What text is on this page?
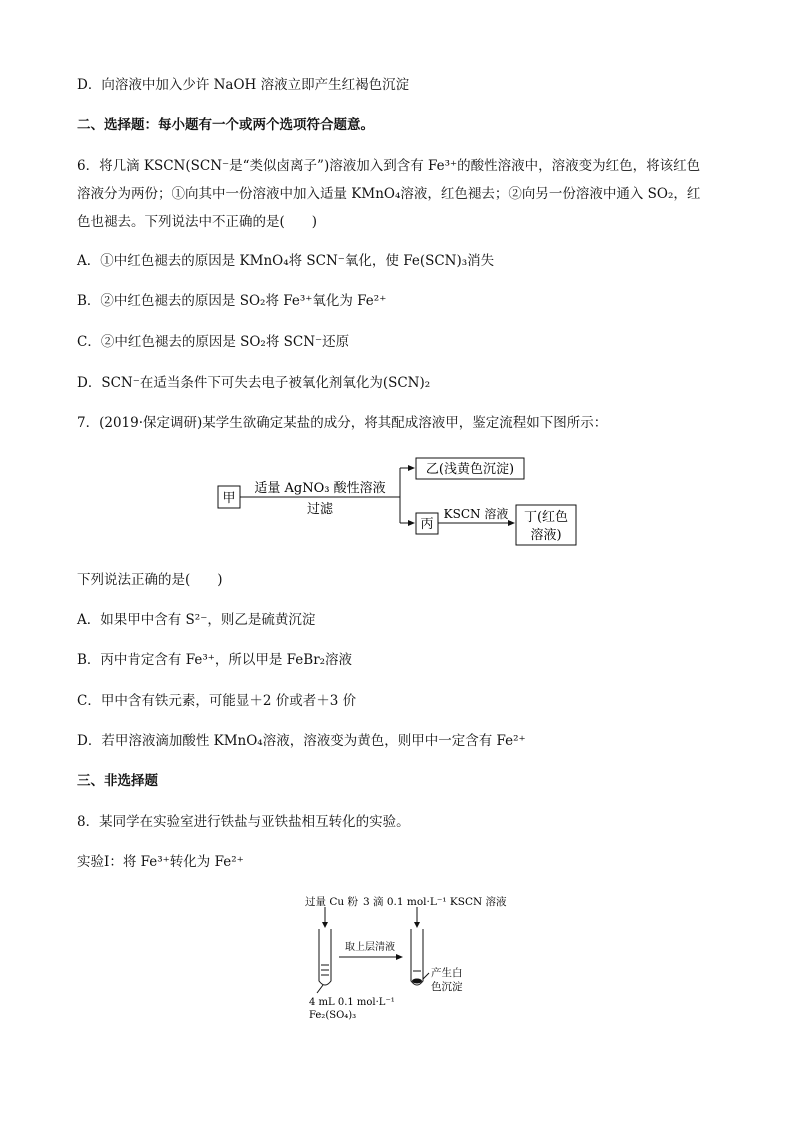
D．向溶液中加入少许 NaOH 溶液立即产生红褐色沉淀
二、选择题：每小题有一个或两个选项符合题意。
6．将几滴 KSCN(SCN⁻是“类似卤离子”)溶液加入到含有 Fe³⁺的酸性溶液中，溶液变为红色，将该红色
溶液分为两份；①向其中一份溶液中加入适量 KMnO₄溶液，红色褪去；②向另一份溶液中通入 SO₂，红
色也褪去。下列说法中不正确的是(　　)
A．①中红色褪去的原因是 KMnO₄将 SCN⁻氧化，使 Fe(SCN)₃消失
B．②中红色褪去的原因是 SO₂将 Fe³⁺氧化为 Fe²⁺
C．②中红色褪去的原因是 SO₂将 SCN⁻还原
D．SCN⁻在适当条件下可失去电子被氧化剂氧化为(SCN)₂
7．(2019·保定调研)某学生欲确定某盐的成分，将其配成溶液甲，鉴定流程如下图所示：
甲
适量 AgNO₃ 酸性溶液
过滤
乙(浅黄色沉淀)
丙
KSCN 溶液 丁(红色
溶液)
下列说法正确的是(　　)
A．如果甲中含有 S²⁻，则乙是硫黄沉淀
B．丙中肯定含有 Fe³⁺，所以甲是 FeBr₂溶液
C．甲中含有铁元素，可能显＋2 价或者＋3 价
D．若甲溶液滴加酸性 KMnO₄溶液，溶液变为黄色，则甲中一定含有 Fe²⁺
三、非选择题
8．某同学在实验室进行铁盐与亚铁盐相互转化的实验。
实验Ⅰ：将 Fe³⁺转化为 Fe²⁺
过量 Cu 粉 3 滴 0.1 mol·L⁻¹ KSCN 溶液
取上层清液
产生白
色沉淀
4 mL 0.1 mol·L⁻¹
Fe₂(SO₄)₃
